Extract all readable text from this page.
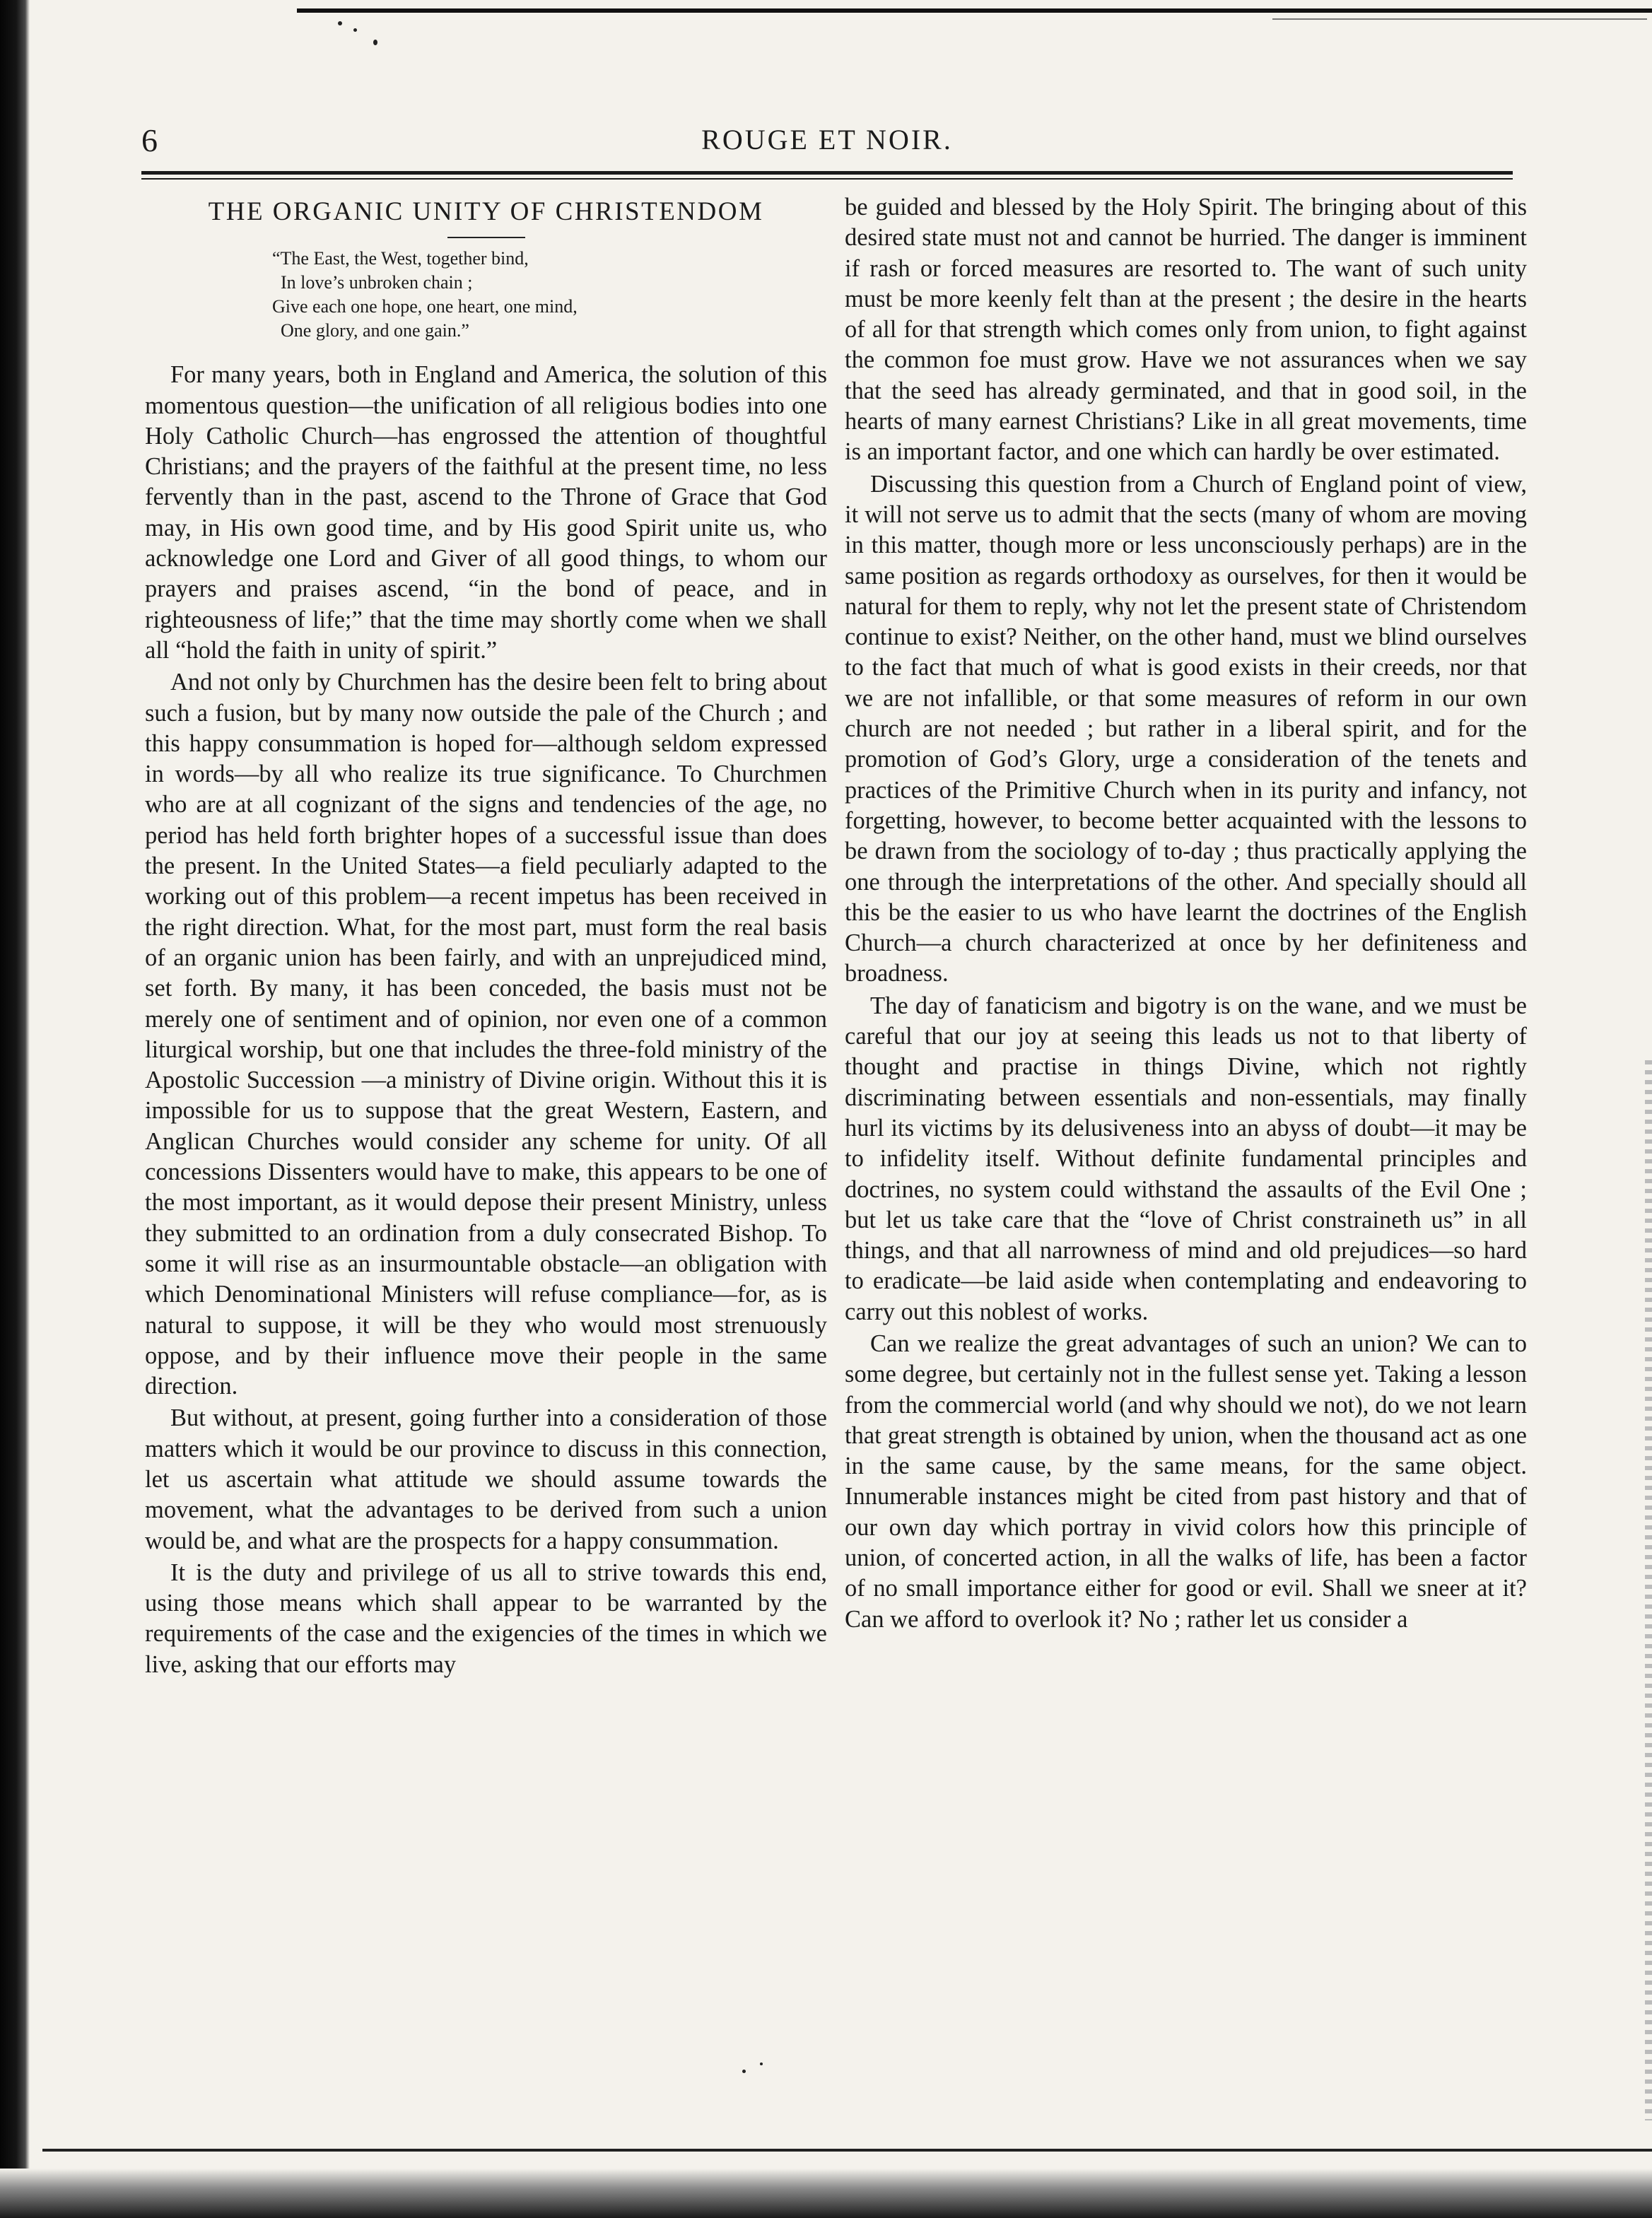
6	ROUGE ET NOIR.
THE ORGANIC UNITY OF CHRISTENDOM
“The East, the West, together bind,
In love’s unbroken chain ;
Give each one hope, one heart, one mind,
One glory, and one gain.”

For many years, both in England and America, the solution of this momentous question—the unification of all religious bodies into one Holy Catholic Church—has engrossed the attention of thoughtful Christians; and the prayers of the faithful at the present time, no less fervently than in the past, ascend to the Throne of Grace that God may, in His own good time, and by His good Spirit unite us, who acknowledge one Lord and Giver of all good things, to whom our prayers and praises ascend, “in the bond of peace, and in righteousness of life;” that the time may shortly come when we shall all “hold the faith in unity of spirit.”

And not only by Churchmen has the desire been felt to bring about such a fusion, but by many now outside the pale of the Church ; and this happy consummation is hoped for—although seldom expressed in words—by all who realize its true significance. To Churchmen who are at all cognizant of the signs and tendencies of the age, no period has held forth brighter hopes of a successful issue than does the present. In the United States—a field peculiarly adapted to the working out of this problem—a recent impetus has been received in the right direction. What, for the most part, must form the real basis of an organic union has been fairly, and with an unprejudiced mind, set forth. By many, it has been conceded, the basis must not be merely one of sentiment and of opinion, nor even one of a common liturgical worship, but one that includes the three-fold ministry of the Apostolic Succession —a ministry of Divine origin. Without this it is impossible for us to suppose that the great Western, Eastern, and Anglican Churches would consider any scheme for unity. Of all concessions Dissenters would have to make, this appears to be one of the most important, as it would depose their present Ministry, unless they submitted to an ordination from a duly consecrated Bishop. To some it will rise as an insurmountable obstacle—an obligation with which Denominational Ministers will refuse compliance—for, as is natural to suppose, it will be they who would most strenuously oppose, and by their influence move their people in the same direction.

But without, at present, going further into a consideration of those matters which it would be our province to discuss in this connection, let us ascertain what attitude we should assume towards the movement, what the advantages to be derived from such a union would be, and what are the prospects for a happy consummation.

It is the duty and privilege of us all to strive towards this end, using those means which shall appear to be warranted by the requirements of the case and the exigencies of the times in which we live, asking that our efforts may

be guided and blessed by the Holy Spirit. The bringing about of this desired state must not and cannot be hurried. The danger is imminent if rash or forced measures are resorted to. The want of such unity must be more keenly felt than at the present ; the desire in the hearts of all for that strength which comes only from union, to fight against the common foe must grow. Have we not assurances when we say that the seed has already germinated, and that in good soil, in the hearts of many earnest Christians? Like in all great movements, time is an important factor, and one which can hardly be over estimated.

Discussing this question from a Church of England point of view, it will not serve us to admit that the sects (many of whom are moving in this matter, though more or less unconsciously perhaps) are in the same position as regards orthodoxy as ourselves, for then it would be natural for them to reply, why not let the present state of Christendom continue to exist? Neither, on the other hand, must we blind ourselves to the fact that much of what is good exists in their creeds, nor that we are not infallible, or that some measures of reform in our own church are not needed ; but rather in a liberal spirit, and for the promotion of God’s Glory, urge a consideration of the tenets and practices of the Primitive Church when in its purity and infancy, not forgetting, however, to become better acquainted with the lessons to be drawn from the sociology of to-day ; thus practically applying the one through the interpretations of the other. And specially should all this be the easier to us who have learnt the doctrines of the English Church—a church characterized at once by her definiteness and broadness.

The day of fanaticism and bigotry is on the wane, and we must be careful that our joy at seeing this leads us not to that liberty of thought and practise in things Divine, which not rightly discriminating between essentials and non-essentials, may finally hurl its victims by its delusiveness into an abyss of doubt—it may be to infidelity itself. Without definite fundamental principles and doctrines, no system could withstand the assaults of the Evil One ; but let us take care that the “love of Christ constraineth us” in all things, and that all narrowness of mind and old prejudices—so hard to eradicate—be laid aside when contemplating and endeavoring to carry out this noblest of works.

Can we realize the great advantages of such an union? We can to some degree, but certainly not in the fullest sense yet. Taking a lesson from the commercial world (and why should we not), do we not learn that great strength is obtained by union, when the thousand act as one in the same cause, by the same means, for the same object. Innumerable instances might be cited from past history and that of our own day which portray in vivid colors how this principle of union, of concerted action, in all the walks of life, has been a factor of no small importance either for good or evil. Shall we sneer at it? Can we afford to overlook it? No ; rather let us consider a
